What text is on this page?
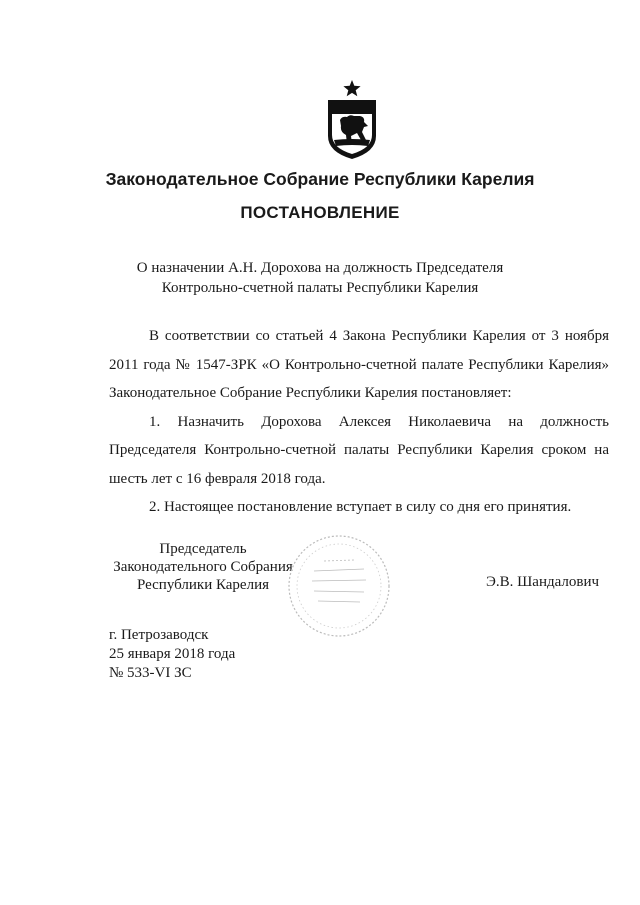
Законодательное Собрание Республики Карелия
ПОСТАНОВЛЕНИЕ
О назначении А.Н. Дорохова на должность Председателя
Контрольно-счетной палаты Республики Карелия

В соответствии со статьей 4 Закона Республики Карелия от 3 ноября 2011 года № 1547-ЗРК «О Контрольно-счетной палате Республики Карелия» Законодательное Собрание Республики Карелия постановляет:

1. Назначить Дорохова Алексея Николаевича на должность Председателя Контрольно-счетной палаты Республики Карелия сроком на шесть лет с 16 февраля 2018 года.

2. Настоящее постановление вступает в силу со дня его принятия.

Председатель
Законодательного Собрания
Республики Карелия	Э.В. Шандалович
г. Петрозаводск
25 января 2018 года
№ 533-VI ЗС
